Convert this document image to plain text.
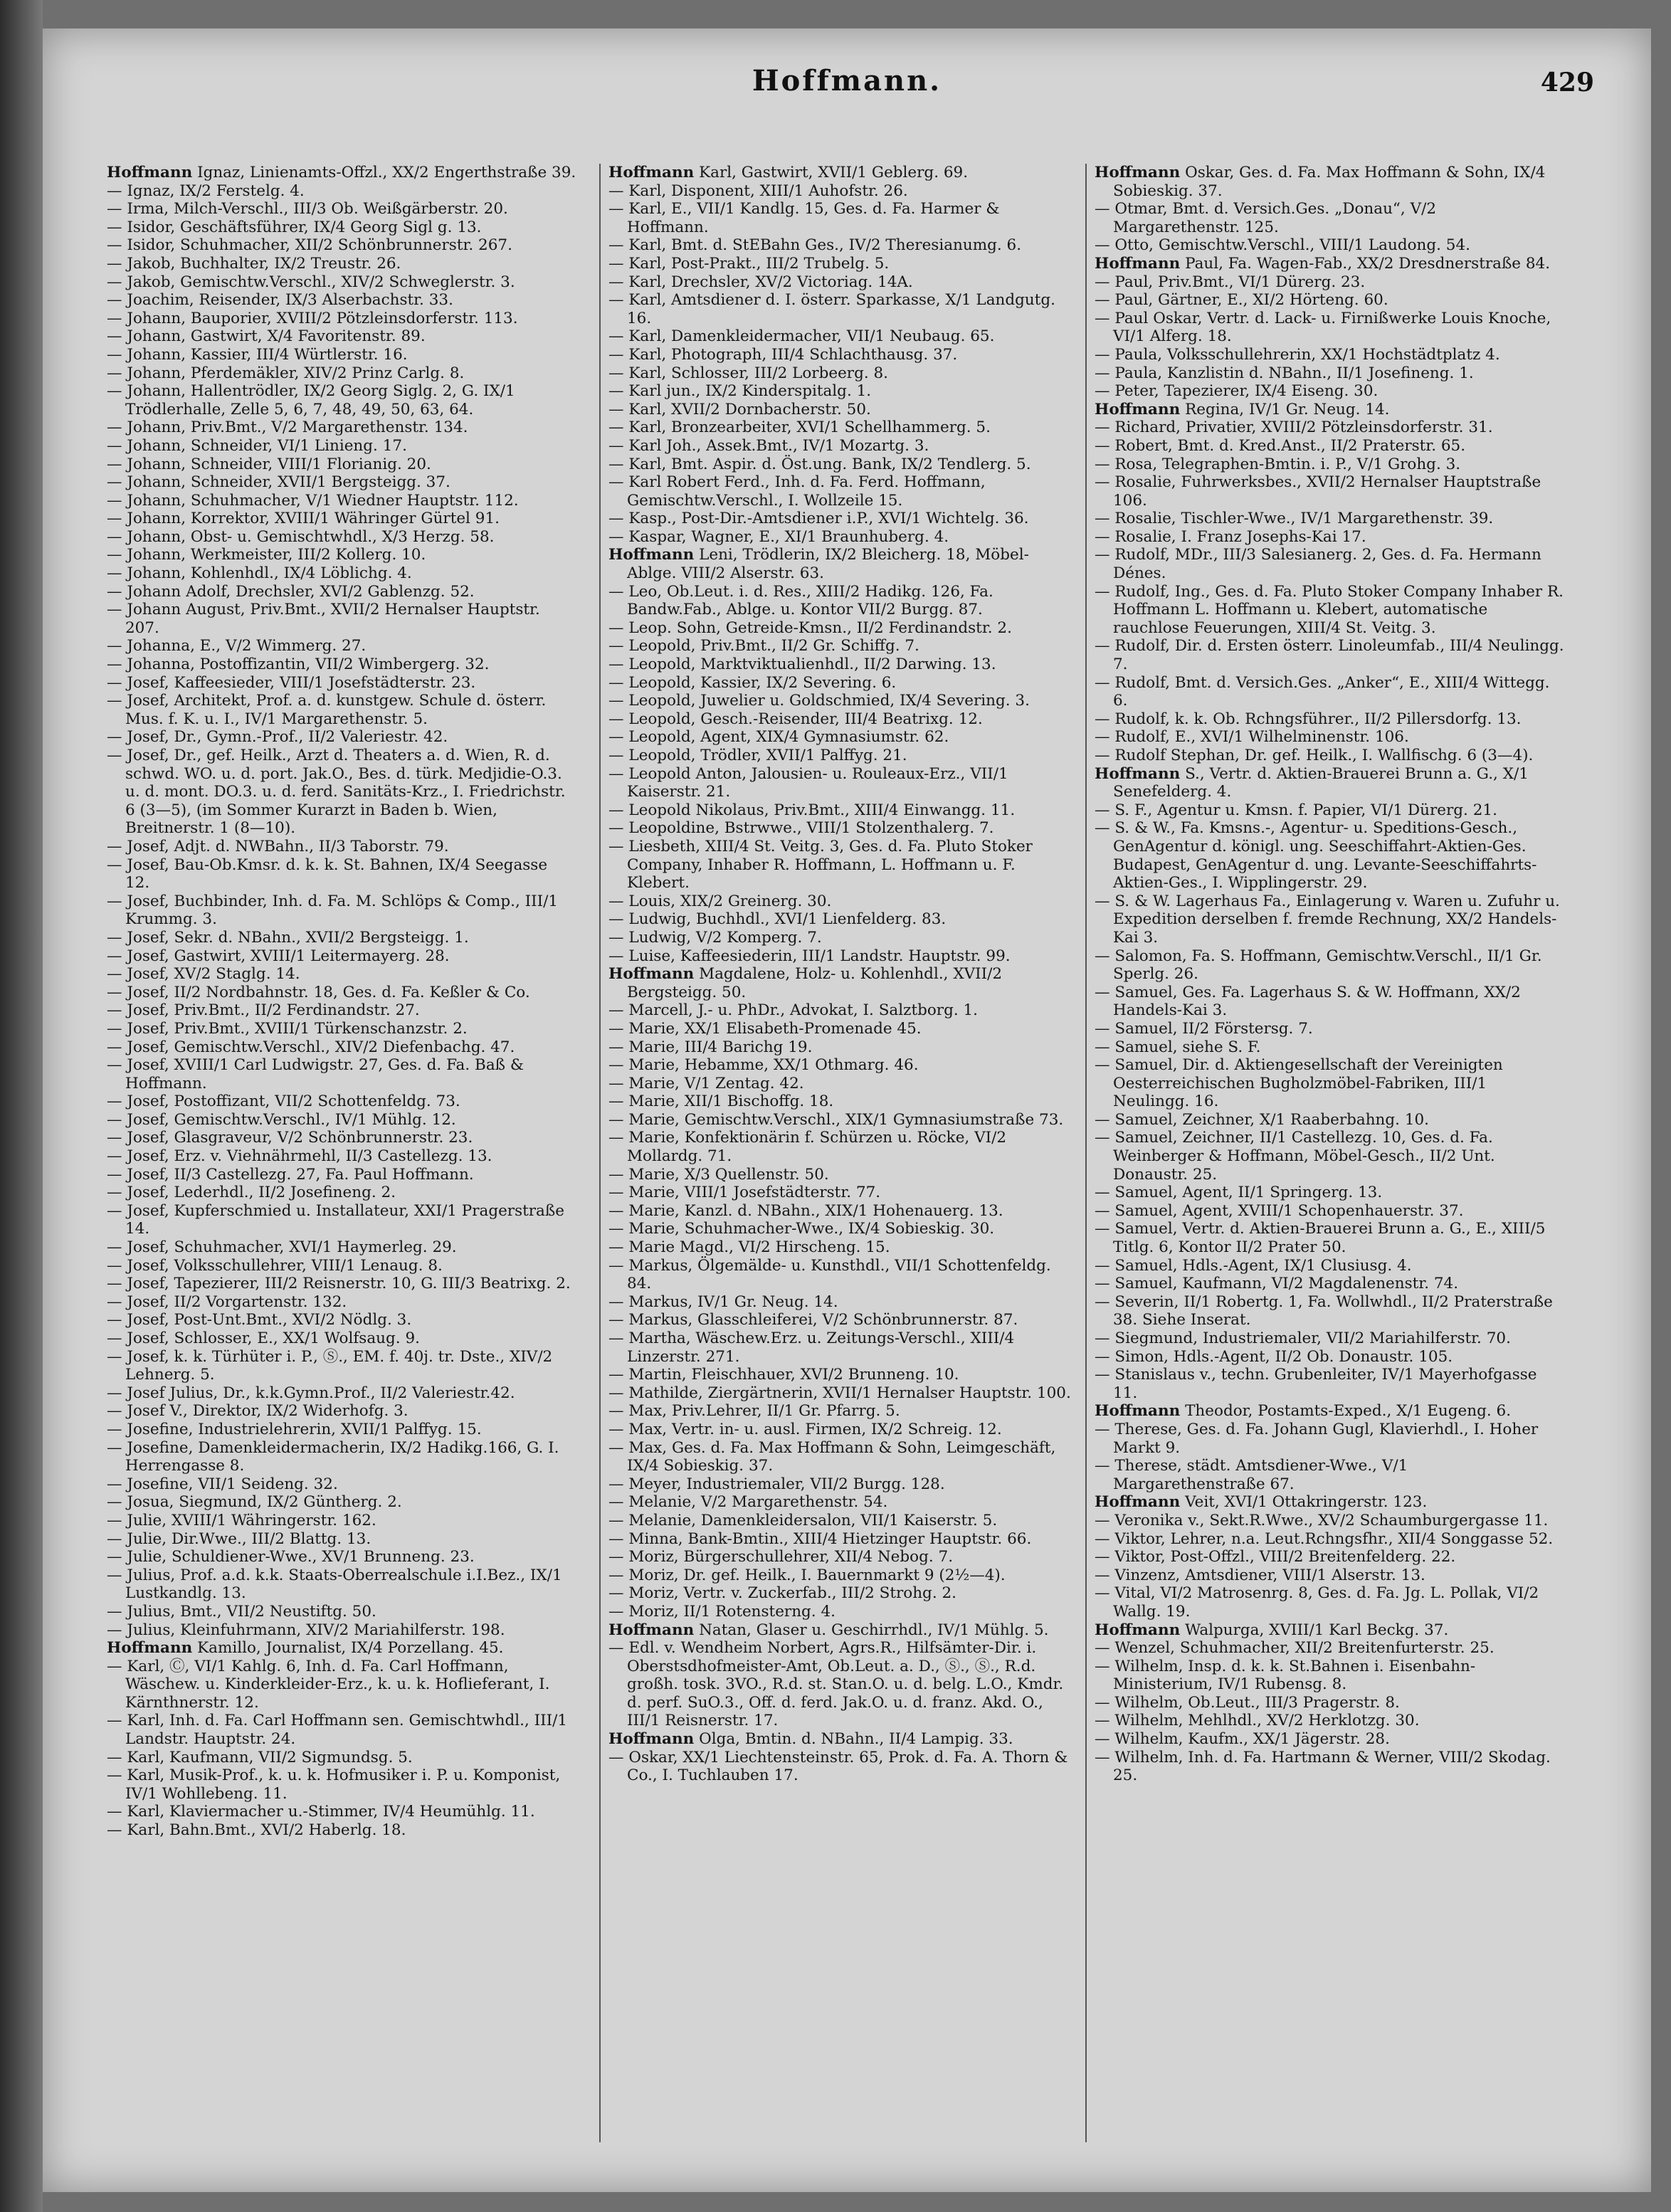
Hoffmann.	429

Hoffmann Ignaz, Linienamts-Offzl., XX/2 Engerthstraße 39.

— Ignaz, IX/2 Ferstelg. 4.

— Irma, Milch-Verschl., III/3 Ob. Weißgärberstr. 20.

— Isidor, Geschäftsführer, IX/4 Georg Sigl g. 13.

— Isidor, Schuhmacher, XII/2 Schönbrunnerstr. 267.

— Jakob, Buchhalter, IX/2 Treustr. 26.

— Jakob, Gemischtw.Verschl., XIV/2 Schweglerstr. 3.

— Joachim, Reisender, IX/3 Alserbachstr. 33.

— Johann, Bauporier, XVIII/2 Pötzleinsdorferstr. 113.

— Johann, Gastwirt, X/4 Favoritenstr. 89.

— Johann, Kassier, III/4 Würtlerstr. 16.

— Johann, Pferdemäkler, XIV/2 Prinz Carlg. 8.

— Johann, Hallentrödler, IX/2 Georg Siglg. 2, G. IX/1 Trödlerhalle, Zelle 5, 6, 7, 48, 49, 50, 63, 64.

— Johann, Priv.Bmt., V/2 Margarethenstr. 134.

— Johann, Schneider, VI/1 Linieng. 17.

— Johann, Schneider, VIII/1 Florianig. 20.

— Johann, Schneider, XVII/1 Bergsteigg. 37.

— Johann, Schuhmacher, V/1 Wiedner Hauptstr. 112.

— Johann, Korrektor, XVIII/1 Währinger Gürtel 91.

— Johann, Obst- u. Gemischtwhdl., X/3 Herzg. 58.

— Johann, Werkmeister, III/2 Kollerg. 10.

— Johann, Kohlenhdl., IX/4 Löblichg. 4.

— Johann Adolf, Drechsler, XVI/2 Gablenzg. 52.

— Johann August, Priv.Bmt., XVII/2 Hernalser Hauptstr. 207.

— Johanna, E., V/2 Wimmerg. 27.

— Johanna, Postoffizantin, VII/2 Wimbergerg. 32.

— Josef, Kaffeesieder, VIII/1 Josefstädterstr. 23.

— Josef, Architekt, Prof. a. d. kunstgew. Schule d. österr. Mus. f. K. u. I., IV/1 Margarethenstr. 5.

— Josef, Dr., Gymn.-Prof., II/2 Valeriestr. 42.

— Josef, Dr., gef. Heilk., Arzt d. Theaters a. d. Wien, R. d. schwd. WO. u. d. port. Jak.O., Bes. d. türk. Medjidie-O.3. u. d. mont. DO.3. u. d. ferd. Sanitäts-Krz., I. Friedrichstr. 6 (3—5), (im Sommer Kurarzt in Baden b. Wien, Breitnerstr. 1 (8—10).

— Josef, Adjt. d. NWBahn., II/3 Taborstr. 79.

— Josef, Bau-Ob.Kmsr. d. k. k. St. Bahnen, IX/4 Seegasse 12.

— Josef, Buchbinder, Inh. d. Fa. M. Schlöps & Comp., III/1 Krummg. 3.

— Josef, Sekr. d. NBahn., XVII/2 Bergsteigg. 1.

— Josef, Gastwirt, XVIII/1 Leitermayerg. 28.

— Josef, XV/2 Staglg. 14.

— Josef, II/2 Nordbahnstr. 18, Ges. d. Fa. Keßler & Co.

— Josef, Priv.Bmt., II/2 Ferdinandstr. 27.

— Josef, Priv.Bmt., XVIII/1 Türkenschanzstr. 2.

— Josef, Gemischtw.Verschl., XIV/2 Diefenbachg. 47.

— Josef, XVIII/1 Carl Ludwigstr. 27, Ges. d. Fa. Baß & Hoffmann.

— Josef, Postoffizant, VII/2 Schottenfeldg. 73.

— Josef, Gemischtw.Verschl., IV/1 Mühlg. 12.

— Josef, Glasgraveur, V/2 Schönbrunnerstr. 23.

— Josef, Erz. v. Viehnährmehl, II/3 Castellezg. 13.

— Josef, II/3 Castellezg. 27, Fa. Paul Hoffmann.

— Josef, Lederhdl., II/2 Josefineng. 2.

— Josef, Kupferschmied u. Installateur, XXI/1 Pragerstraße 14.

— Josef, Schuhmacher, XVI/1 Haymerleg. 29.

— Josef, Volksschullehrer, VIII/1 Lenaug. 8.

— Josef, Tapezierer, III/2 Reisnerstr. 10, G. III/3 Beatrixg. 2.

— Josef, II/2 Vorgartenstr. 132.

— Josef, Post-Unt.Bmt., XVI/2 Nödlg. 3.

— Josef, Schlosser, E., XX/1 Wolfsaug. 9.

— Josef, k. k. Türhüter i. P., Ⓢ., EM. f. 40j. tr. Dste., XIV/2 Lehnerg. 5.

— Josef Julius, Dr., k.k.Gymn.Prof., II/2 Valeriestr.42.

— Josef V., Direktor, IX/2 Widerhofg. 3.

— Josefine, Industrielehrerin, XVII/1 Palffyg. 15.

— Josefine, Damenkleidermacherin, IX/2 Hadikg.166, G. I. Herrengasse 8.

— Josefine, VII/1 Seideng. 32.

— Josua, Siegmund, IX/2 Güntherg. 2.

— Julie, XVIII/1 Währingerstr. 162.

— Julie, Dir.Wwe., III/2 Blattg. 13.

— Julie, Schuldiener-Wwe., XV/1 Brunneng. 23.

— Julius, Prof. a.d. k.k. Staats-Oberrealschule i.I.Bez., IX/1 Lustkandlg. 13.

— Julius, Bmt., VII/2 Neustiftg. 50.

— Julius, Kleinfuhrmann, XIV/2 Mariahilferstr. 198.

Hoffmann Kamillo, Journalist, IX/4 Porzellang. 45.

— Karl, Ⓒ, VI/1 Kahlg. 6, Inh. d. Fa. Carl Hoffmann, Wäschew. u. Kinderkleider-Erz., k. u. k. Hoflieferant, I. Kärnthnerstr. 12.

— Karl, Inh. d. Fa. Carl Hoffmann sen. Gemischtwhdl., III/1 Landstr. Hauptstr. 24.

— Karl, Kaufmann, VII/2 Sigmundsg. 5.

— Karl, Musik-Prof., k. u. k. Hofmusiker i. P. u. Komponist, IV/1 Wohllebeng. 11.

— Karl, Klaviermacher u.-Stimmer, IV/4 Heumühlg. 11.

— Karl, Bahn.Bmt., XVI/2 Haberlg. 18.

Hoffmann Karl, Gastwirt, XVII/1 Geblerg. 69.

— Karl, Disponent, XIII/1 Auhofstr. 26.

— Karl, E., VII/1 Kandlg. 15, Ges. d. Fa. Harmer & Hoffmann.

— Karl, Bmt. d. StEBahn Ges., IV/2 Theresianumg. 6.

— Karl, Post-Prakt., III/2 Trubelg. 5.

— Karl, Drechsler, XV/2 Victoriag. 14A.

— Karl, Amtsdiener d. I. österr. Sparkasse, X/1 Landgutg. 16.

— Karl, Damenkleidermacher, VII/1 Neubaug. 65.

— Karl, Photograph, III/4 Schlachthausg. 37.

— Karl, Schlosser, III/2 Lorbeerg. 8.

— Karl jun., IX/2 Kinderspitalg. 1.

— Karl, XVII/2 Dornbacherstr. 50.

— Karl, Bronzearbeiter, XVI/1 Schellhammerg. 5.

— Karl Joh., Assek.Bmt., IV/1 Mozartg. 3.

— Karl, Bmt. Aspir. d. Öst.ung. Bank, IX/2 Tendlerg. 5.

— Karl Robert Ferd., Inh. d. Fa. Ferd. Hoffmann, Gemischtw.Verschl., I. Wollzeile 15.

— Kasp., Post-Dir.-Amtsdiener i.P., XVI/1 Wichtelg. 36.

— Kaspar, Wagner, E., XI/1 Braunhuberg. 4.

Hoffmann Leni, Trödlerin, IX/2 Bleicherg. 18, Möbel-Ablge. VIII/2 Alserstr. 63.

— Leo, Ob.Leut. i. d. Res., XIII/2 Hadikg. 126, Fa. Bandw.Fab., Ablge. u. Kontor VII/2 Burgg. 87.

— Leop. Sohn, Getreide-Kmsn., II/2 Ferdinandstr. 2.

— Leopold, Priv.Bmt., II/2 Gr. Schiffg. 7.

— Leopold, Marktviktualienhdl., II/2 Darwing. 13.

— Leopold, Kassier, IX/2 Severing. 6.

— Leopold, Juwelier u. Goldschmied, IX/4 Severing. 3.

— Leopold, Gesch.-Reisender, III/4 Beatrixg. 12.

— Leopold, Agent, XIX/4 Gymnasiumstr. 62.

— Leopold, Trödler, XVII/1 Palffyg. 21.

— Leopold Anton, Jalousien- u. Rouleaux-Erz., VII/1 Kaiserstr. 21.

— Leopold Nikolaus, Priv.Bmt., XIII/4 Einwangg. 11.

— Leopoldine, Bstrwwe., VIII/1 Stolzenthalerg. 7.

— Liesbeth, XIII/4 St. Veitg. 3, Ges. d. Fa. Pluto Stoker Company, Inhaber R. Hoffmann, L. Hoffmann u. F. Klebert.

— Louis, XIX/2 Greinerg. 30.

— Ludwig, Buchhdl., XVI/1 Lienfelderg. 83.

— Ludwig, V/2 Komperg. 7.

— Luise, Kaffeesiederin, III/1 Landstr. Hauptstr. 99.

Hoffmann Magdalene, Holz- u. Kohlenhdl., XVII/2 Bergsteigg. 50.

— Marcell, J.- u. PhDr., Advokat, I. Salztborg. 1.

— Marie, XX/1 Elisabeth-Promenade 45.

— Marie, III/4 Barichg 19.

— Marie, Hebamme, XX/1 Othmarg. 46.

— Marie, V/1 Zentag. 42.

— Marie, XII/1 Bischoffg. 18.

— Marie, Gemischtw.Verschl., XIX/1 Gymnasiumstraße 73.

— Marie, Konfektionärin f. Schürzen u. Röcke, VI/2 Mollardg. 71.

— Marie, X/3 Quellenstr. 50.

— Marie, VIII/1 Josefstädterstr. 77.

— Marie, Kanzl. d. NBahn., XIX/1 Hohenauerg. 13.

— Marie, Schuhmacher-Wwe., IX/4 Sobieskig. 30.

— Marie Magd., VI/2 Hirscheng. 15.

— Markus, Ölgemälde- u. Kunsthdl., VII/1 Schottenfeldg. 84.

— Markus, IV/1 Gr. Neug. 14.

— Markus, Glasschleiferei, V/2 Schönbrunnerstr. 87.

— Martha, Wäschew.Erz. u. Zeitungs-Verschl., XIII/4 Linzerstr. 271.

— Martin, Fleischhauer, XVI/2 Brunneng. 10.

— Mathilde, Ziergärtnerin, XVII/1 Hernalser Hauptstr. 100.

— Max, Priv.Lehrer, II/1 Gr. Pfarrg. 5.

— Max, Vertr. in- u. ausl. Firmen, IX/2 Schreig. 12.

— Max, Ges. d. Fa. Max Hoffmann & Sohn, Leimgeschäft, IX/4 Sobieskig. 37.

— Meyer, Industriemaler, VII/2 Burgg. 128.

— Melanie, V/2 Margarethenstr. 54.

— Melanie, Damenkleidersalon, VII/1 Kaiserstr. 5.

— Minna, Bank-Bmtin., XIII/4 Hietzinger Hauptstr. 66.

— Moriz, Bürgerschullehrer, XII/4 Nebog. 7.

— Moriz, Dr. gef. Heilk., I. Bauernmarkt 9 (2½—4).

— Moriz, Vertr. v. Zuckerfab., III/2 Strohg. 2.

— Moriz, II/1 Rotensterng. 4.

Hoffmann Natan, Glaser u. Geschirrhdl., IV/1 Mühlg. 5.

— Edl. v. Wendheim Norbert, Agrs.R., Hilfsämter-Dir. i. Oberstsdhofmeister-Amt, Ob.Leut. a. D., Ⓢ., Ⓢ., R.d. großh. tosk. 3VO., R.d. st. Stan.O. u. d. belg. L.O., Kmdr. d. perf. SuO.3., Off. d. ferd. Jak.O. u. d. franz. Akd. O., III/1 Reisnerstr. 17.

Hoffmann Olga, Bmtin. d. NBahn., II/4 Lampig. 33.

— Oskar, XX/1 Liechtensteinstr. 65, Prok. d. Fa. A. Thorn & Co., I. Tuchlauben 17.

Hoffmann Oskar, Ges. d. Fa. Max Hoffmann & Sohn, IX/4 Sobieskig. 37.

— Otmar, Bmt. d. Versich.Ges. „Donau“, V/2 Margarethenstr. 125.

— Otto, Gemischtw.Verschl., VIII/1 Laudong. 54.

Hoffmann Paul, Fa. Wagen-Fab., XX/2 Dresdnerstraße 84.

— Paul, Priv.Bmt., VI/1 Dürerg. 23.

— Paul, Gärtner, E., XI/2 Hörteng. 60.

— Paul Oskar, Vertr. d. Lack- u. Firnißwerke Louis Knoche, VI/1 Alferg. 18.

— Paula, Volksschullehrerin, XX/1 Hochstädtplatz 4.

— Paula, Kanzlistin d. NBahn., II/1 Josefineng. 1.

— Peter, Tapezierer, IX/4 Eiseng. 30.

Hoffmann Regina, IV/1 Gr. Neug. 14.

— Richard, Privatier, XVIII/2 Pötzleinsdorferstr. 31.

— Robert, Bmt. d. Kred.Anst., II/2 Praterstr. 65.

— Rosa, Telegraphen-Bmtin. i. P., V/1 Grohg. 3.

— Rosalie, Fuhrwerksbes., XVII/2 Hernalser Hauptstraße 106.

— Rosalie, Tischler-Wwe., IV/1 Margarethenstr. 39.

— Rosalie, I. Franz Josephs-Kai 17.

— Rudolf, MDr., III/3 Salesianerg. 2, Ges. d. Fa. Hermann Dénes.

— Rudolf, Ing., Ges. d. Fa. Pluto Stoker Company Inhaber R. Hoffmann L. Hoffmann u. Klebert, automatische rauchlose Feuerungen, XIII/4 St. Veitg. 3.

— Rudolf, Dir. d. Ersten österr. Linoleumfab., III/4 Neulingg. 7.

— Rudolf, Bmt. d. Versich.Ges. „Anker“, E., XIII/4 Wittegg. 6.

— Rudolf, k. k. Ob. Rchngsführer., II/2 Pillersdorfg. 13.

— Rudolf, E., XVI/1 Wilhelminenstr. 106.

— Rudolf Stephan, Dr. gef. Heilk., I. Wallfischg. 6 (3—4).

Hoffmann S., Vertr. d. Aktien-Brauerei Brunn a. G., X/1 Senefelderg. 4.

— S. F., Agentur u. Kmsn. f. Papier, VI/1 Dürerg. 21.

— S. & W., Fa. Kmsns.-, Agentur- u. Speditions-Gesch., GenAgentur d. königl. ung. Seeschiffahrt-Aktien-Ges. Budapest, GenAgentur d. ung. Levante-Seeschiffahrts-Aktien-Ges., I. Wipplingerstr. 29.

— S. & W. Lagerhaus Fa., Einlagerung v. Waren u. Zufuhr u. Expedition derselben f. fremde Rechnung, XX/2 Handels-Kai 3.

— Salomon, Fa. S. Hoffmann, Gemischtw.Verschl., II/1 Gr. Sperlg. 26.

— Samuel, Ges. Fa. Lagerhaus S. & W. Hoffmann, XX/2 Handels-Kai 3.

— Samuel, II/2 Förstersg. 7.

— Samuel, siehe S. F.

— Samuel, Dir. d. Aktiengesellschaft der Vereinigten Oesterreichischen Bugholzmöbel-Fabriken, III/1 Neulingg. 16.

— Samuel, Zeichner, X/1 Raaberbahng. 10.

— Samuel, Zeichner, II/1 Castellezg. 10, Ges. d. Fa. Weinberger & Hoffmann, Möbel-Gesch., II/2 Unt. Donaustr. 25.

— Samuel, Agent, II/1 Springerg. 13.

— Samuel, Agent, XVIII/1 Schopenhauerstr. 37.

— Samuel, Vertr. d. Aktien-Brauerei Brunn a. G., E., XIII/5 Titlg. 6, Kontor II/2 Prater 50.

— Samuel, Hdls.-Agent, IX/1 Clusiusg. 4.

— Samuel, Kaufmann, VI/2 Magdalenenstr. 74.

— Severin, II/1 Robertg. 1, Fa. Wollwhdl., II/2 Praterstraße 38. Siehe Inserat.

— Siegmund, Industriemaler, VII/2 Mariahilferstr. 70.

— Simon, Hdls.-Agent, II/2 Ob. Donaustr. 105.

— Stanislaus v., techn. Grubenleiter, IV/1 Mayerhofgasse 11.

Hoffmann Theodor, Postamts-Exped., X/1 Eugeng. 6.

— Therese, Ges. d. Fa. Johann Gugl, Klavierhdl., I. Hoher Markt 9.

— Therese, städt. Amtsdiener-Wwe., V/1 Margarethenstraße 67.

Hoffmann Veit, XVI/1 Ottakringerstr. 123.

— Veronika v., Sekt.R.Wwe., XV/2 Schaumburgergasse 11.

— Viktor, Lehrer, n.a. Leut.Rchngsfhr., XII/4 Songgasse 52.

— Viktor, Post-Offzl., VIII/2 Breitenfelderg. 22.

— Vinzenz, Amtsdiener, VIII/1 Alserstr. 13.

— Vital, VI/2 Matrosenrg. 8, Ges. d. Fa. Jg. L. Pollak, VI/2 Wallg. 19.

Hoffmann Walpurga, XVIII/1 Karl Beckg. 37.

— Wenzel, Schuhmacher, XII/2 Breitenfurterstr. 25.

— Wilhelm, Insp. d. k. k. St.Bahnen i. Eisenbahn-Ministerium, IV/1 Rubensg. 8.

— Wilhelm, Ob.Leut., III/3 Pragerstr. 8.

— Wilhelm, Mehlhdl., XV/2 Herklotzg. 30.

— Wilhelm, Kaufm., XX/1 Jägerstr. 28.

— Wilhelm, Inh. d. Fa. Hartmann & Werner, VIII/2 Skodag. 25.
